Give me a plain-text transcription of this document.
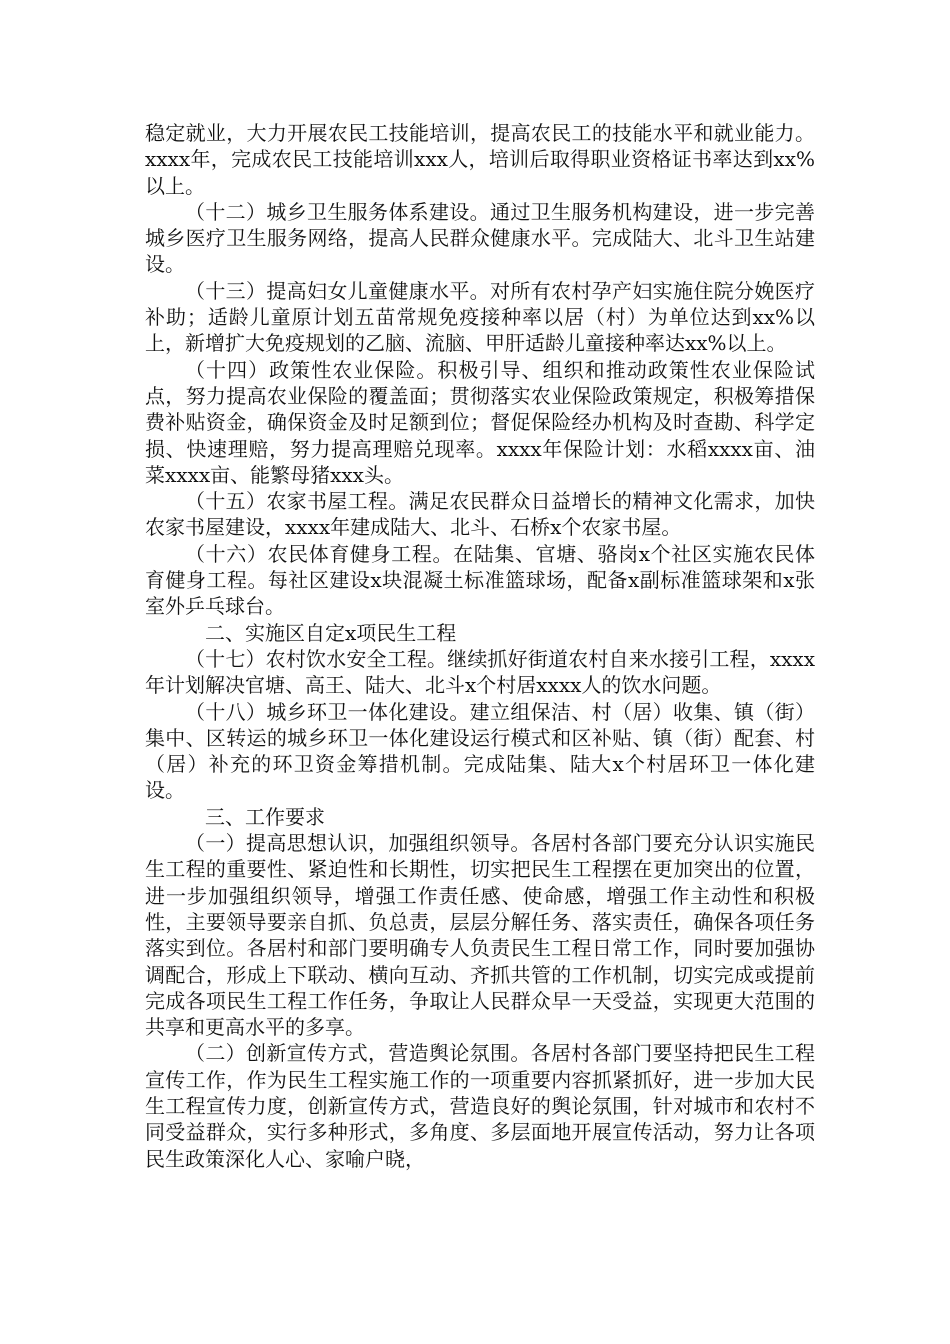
稳定就业，大力开展农民工技能培训，提高农民工的技能水平和就业能力。xxxx年，完成农民工技能培训xxx人，培训后取得职业资格证书率达到xx%以上。

（十二）城乡卫生服务体系建设。通过卫生服务机构建设，进一步完善城乡医疗卫生服务网络，提高人民群众健康水平。完成陆大、北斗卫生站建设。

（十三）提高妇女儿童健康水平。对所有农村孕产妇实施住院分娩医疗补助；适龄儿童原计划五苗常规免疫接种率以居（村）为单位达到xx%以上，新增扩大免疫规划的乙脑、流脑、甲肝适龄儿童接种率达xx%以上。

（十四）政策性农业保险。积极引导、组织和推动政策性农业保险试点，努力提高农业保险的覆盖面；贯彻落实农业保险政策规定，积极筹措保费补贴资金，确保资金及时足额到位；督促保险经办机构及时查勘、科学定损、快速理赔，努力提高理赔兑现率。xxxx年保险计划：水稻xxxx亩、油菜xxxx亩、能繁母猪xxx头。

（十五）农家书屋工程。满足农民群众日益增长的精神文化需求，加快农家书屋建设，xxxx年建成陆大、北斗、石桥x个农家书屋。

（十六）农民体育健身工程。在陆集、官塘、骆岗x个社区实施农民体育健身工程。每社区建设x块混凝土标准篮球场，配备x副标准篮球架和x张室外乒乓球台。

二、实施区自定x项民生工程

（十七）农村饮水安全工程。继续抓好街道农村自来水接引工程，xxxx年计划解决官塘、高王、陆大、北斗x个村居xxxx人的饮水问题。

（十八）城乡环卫一体化建设。建立组保洁、村（居）收集、镇（街）集中、区转运的城乡环卫一体化建设运行模式和区补贴、镇（街）配套、村（居）补充的环卫资金筹措机制。完成陆集、陆大x个村居环卫一体化建设。

三、工作要求

（一）提高思想认识，加强组织领导。各居村各部门要充分认识实施民生工程的重要性、紧迫性和长期性，切实把民生工程摆在更加突出的位置，进一步加强组织领导，增强工作责任感、使命感，增强工作主动性和积极性，主要领导要亲自抓、负总责，层层分解任务、落实责任，确保各项任务落实到位。各居村和部门要明确专人负责民生工程日常工作，同时要加强协调配合，形成上下联动、横向互动、齐抓共管的工作机制，切实完成或提前完成各项民生工程工作任务，争取让人民群众早一天受益，实现更大范围的共享和更高水平的多享。

（二）创新宣传方式，营造舆论氛围。各居村各部门要坚持把民生工程宣传工作，作为民生工程实施工作的一项重要内容抓紧抓好，进一步加大民生工程宣传力度，创新宣传方式，营造良好的舆论氛围，针对城市和农村不同受益群众，实行多种形式，多角度、多层面地开展宣传活动，努力让各项民生政策深化人心、家喻户晓，
